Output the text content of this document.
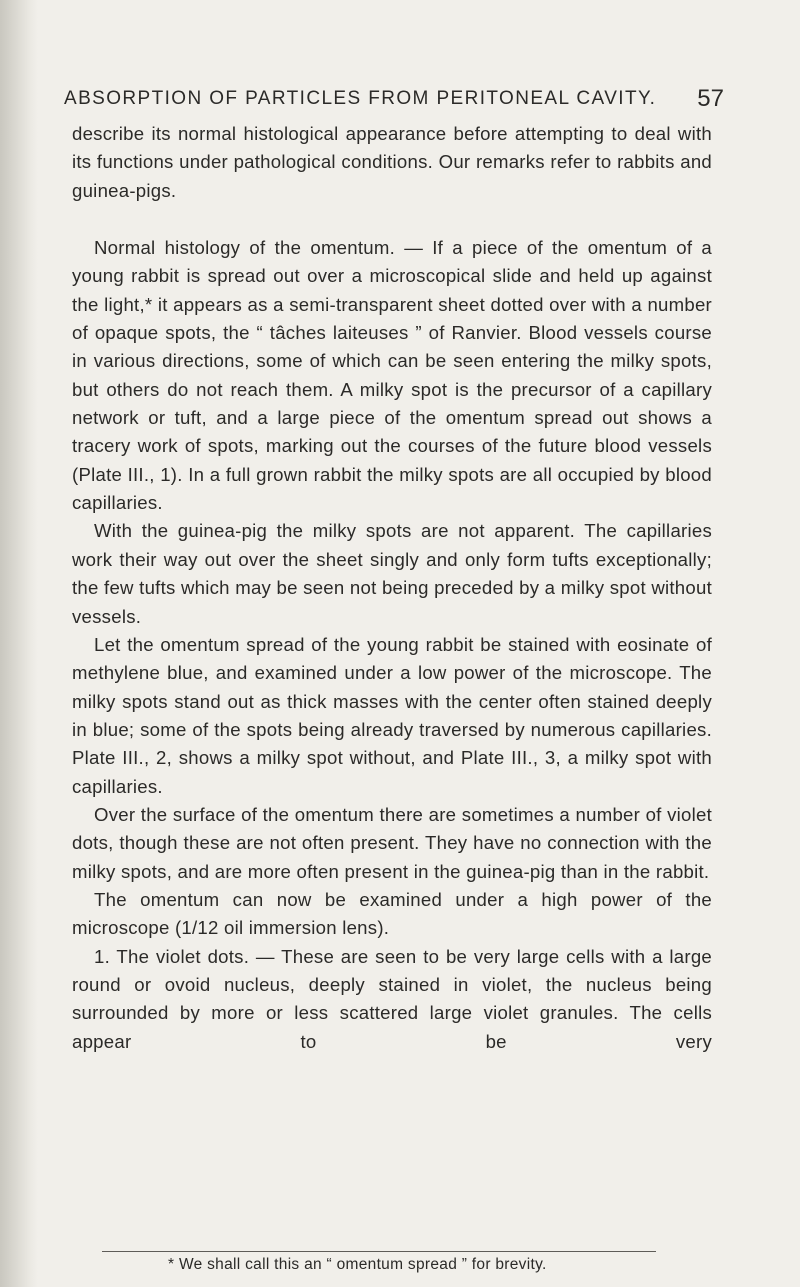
ABSORPTION OF PARTICLES FROM PERITONEAL CAVITY. 57

describe its normal histological appearance before attempting to deal with its functions under pathological conditions. Our remarks refer to rabbits and guinea-pigs.

Normal histology of the omentum. — If a piece of the omentum of a young rabbit is spread out over a microscopical slide and held up against the light,* it appears as a semi-transparent sheet dotted over with a number of opaque spots, the “ tâches laiteuses ” of Ranvier. Blood vessels course in various directions, some of which can be seen entering the milky spots, but others do not reach them. A milky spot is the precursor of a capillary network or tuft, and a large piece of the omentum spread out shows a tracery work of spots, marking out the courses of the future blood vessels (Plate III., 1). In a full grown rabbit the milky spots are all occupied by blood capillaries.

With the guinea-pig the milky spots are not apparent. The capillaries work their way out over the sheet singly and only form tufts exceptionally; the few tufts which may be seen not being preceded by a milky spot without vessels.

Let the omentum spread of the young rabbit be stained with eosinate of methylene blue, and examined under a low power of the microscope. The milky spots stand out as thick masses with the center often stained deeply in blue; some of the spots being already traversed by numerous capillaries. Plate III., 2, shows a milky spot without, and Plate III., 3, a milky spot with capillaries.

Over the surface of the omentum there are sometimes a number of violet dots, though these are not often present. They have no connection with the milky spots, and are more often present in the guinea-pig than in the rabbit.

The omentum can now be examined under a high power of the microscope (1/12 oil immersion lens).

1. The violet dots. — These are seen to be very large cells with a large round or ovoid nucleus, deeply stained in violet, the nucleus being surrounded by more or less scattered large violet granules. The cells appear to be very

* We shall call this an “ omentum spread ” for brevity.
